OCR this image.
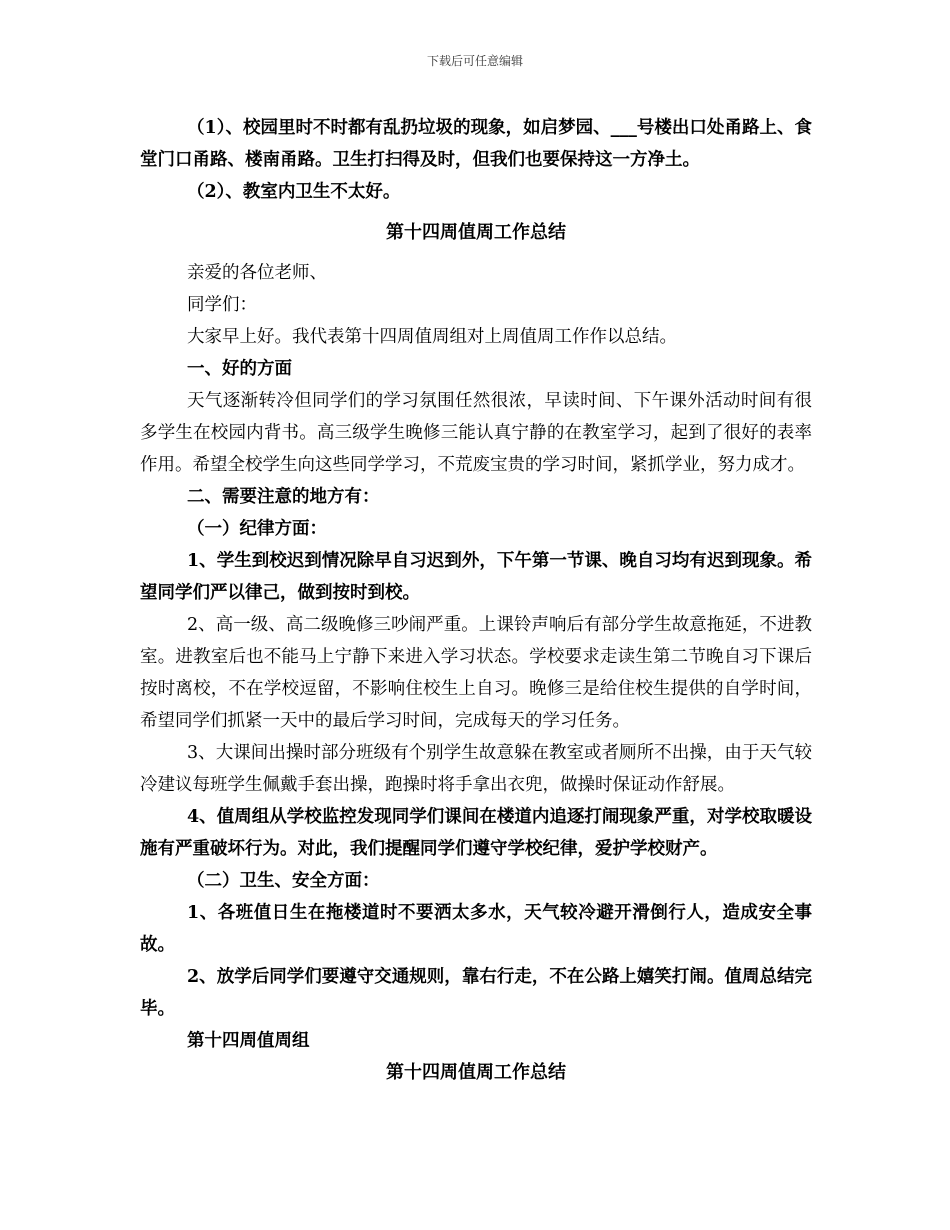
下载后可任意编辑

（1）、校园里时不时都有乱扔垃圾的现象，如启梦园、___号楼出口处甬路上、食堂门口甬路、楼南甬路。卫生打扫得及时，但我们也要保持这一方净土。

（2）、教室内卫生不太好。

第十四周值周工作总结

亲爱的各位老师、

同学们：

大家早上好。我代表第十四周值周组对上周值周工作作以总结。

一、好的方面

天气逐渐转冷但同学们的学习氛围任然很浓，早读时间、下午课外活动时间有很多学生在校园内背书。高三级学生晚修三能认真宁静的在教室学习，起到了很好的表率作用。希望全校学生向这些同学学习，不荒废宝贵的学习时间，紧抓学业，努力成才。

二、需要注意的地方有：

（一）纪律方面：

1、学生到校迟到情况除早自习迟到外，下午第一节课、晚自习均有迟到现象。希望同学们严以律己，做到按时到校。

2、高一级、高二级晚修三吵闹严重。上课铃声响后有部分学生故意拖延，不进教室。进教室后也不能马上宁静下来进入学习状态。学校要求走读生第二节晚自习下课后按时离校，不在学校逗留，不影响住校生上自习。晚修三是给住校生提供的自学时间，希望同学们抓紧一天中的最后学习时间，完成每天的学习任务。

3、大课间出操时部分班级有个别学生故意躲在教室或者厕所不出操，由于天气较冷建议每班学生佩戴手套出操，跑操时将手拿出衣兜，做操时保证动作舒展。

4、值周组从学校监控发现同学们课间在楼道内追逐打闹现象严重，对学校取暖设施有严重破坏行为。对此，我们提醒同学们遵守学校纪律，爱护学校财产。

（二）卫生、安全方面：

1、各班值日生在拖楼道时不要洒太多水，天气较冷避开滑倒行人，造成安全事故。

2、放学后同学们要遵守交通规则，靠右行走，不在公路上嬉笑打闹。值周总结完毕。

第十四周值周组

第十四周值周工作总结
